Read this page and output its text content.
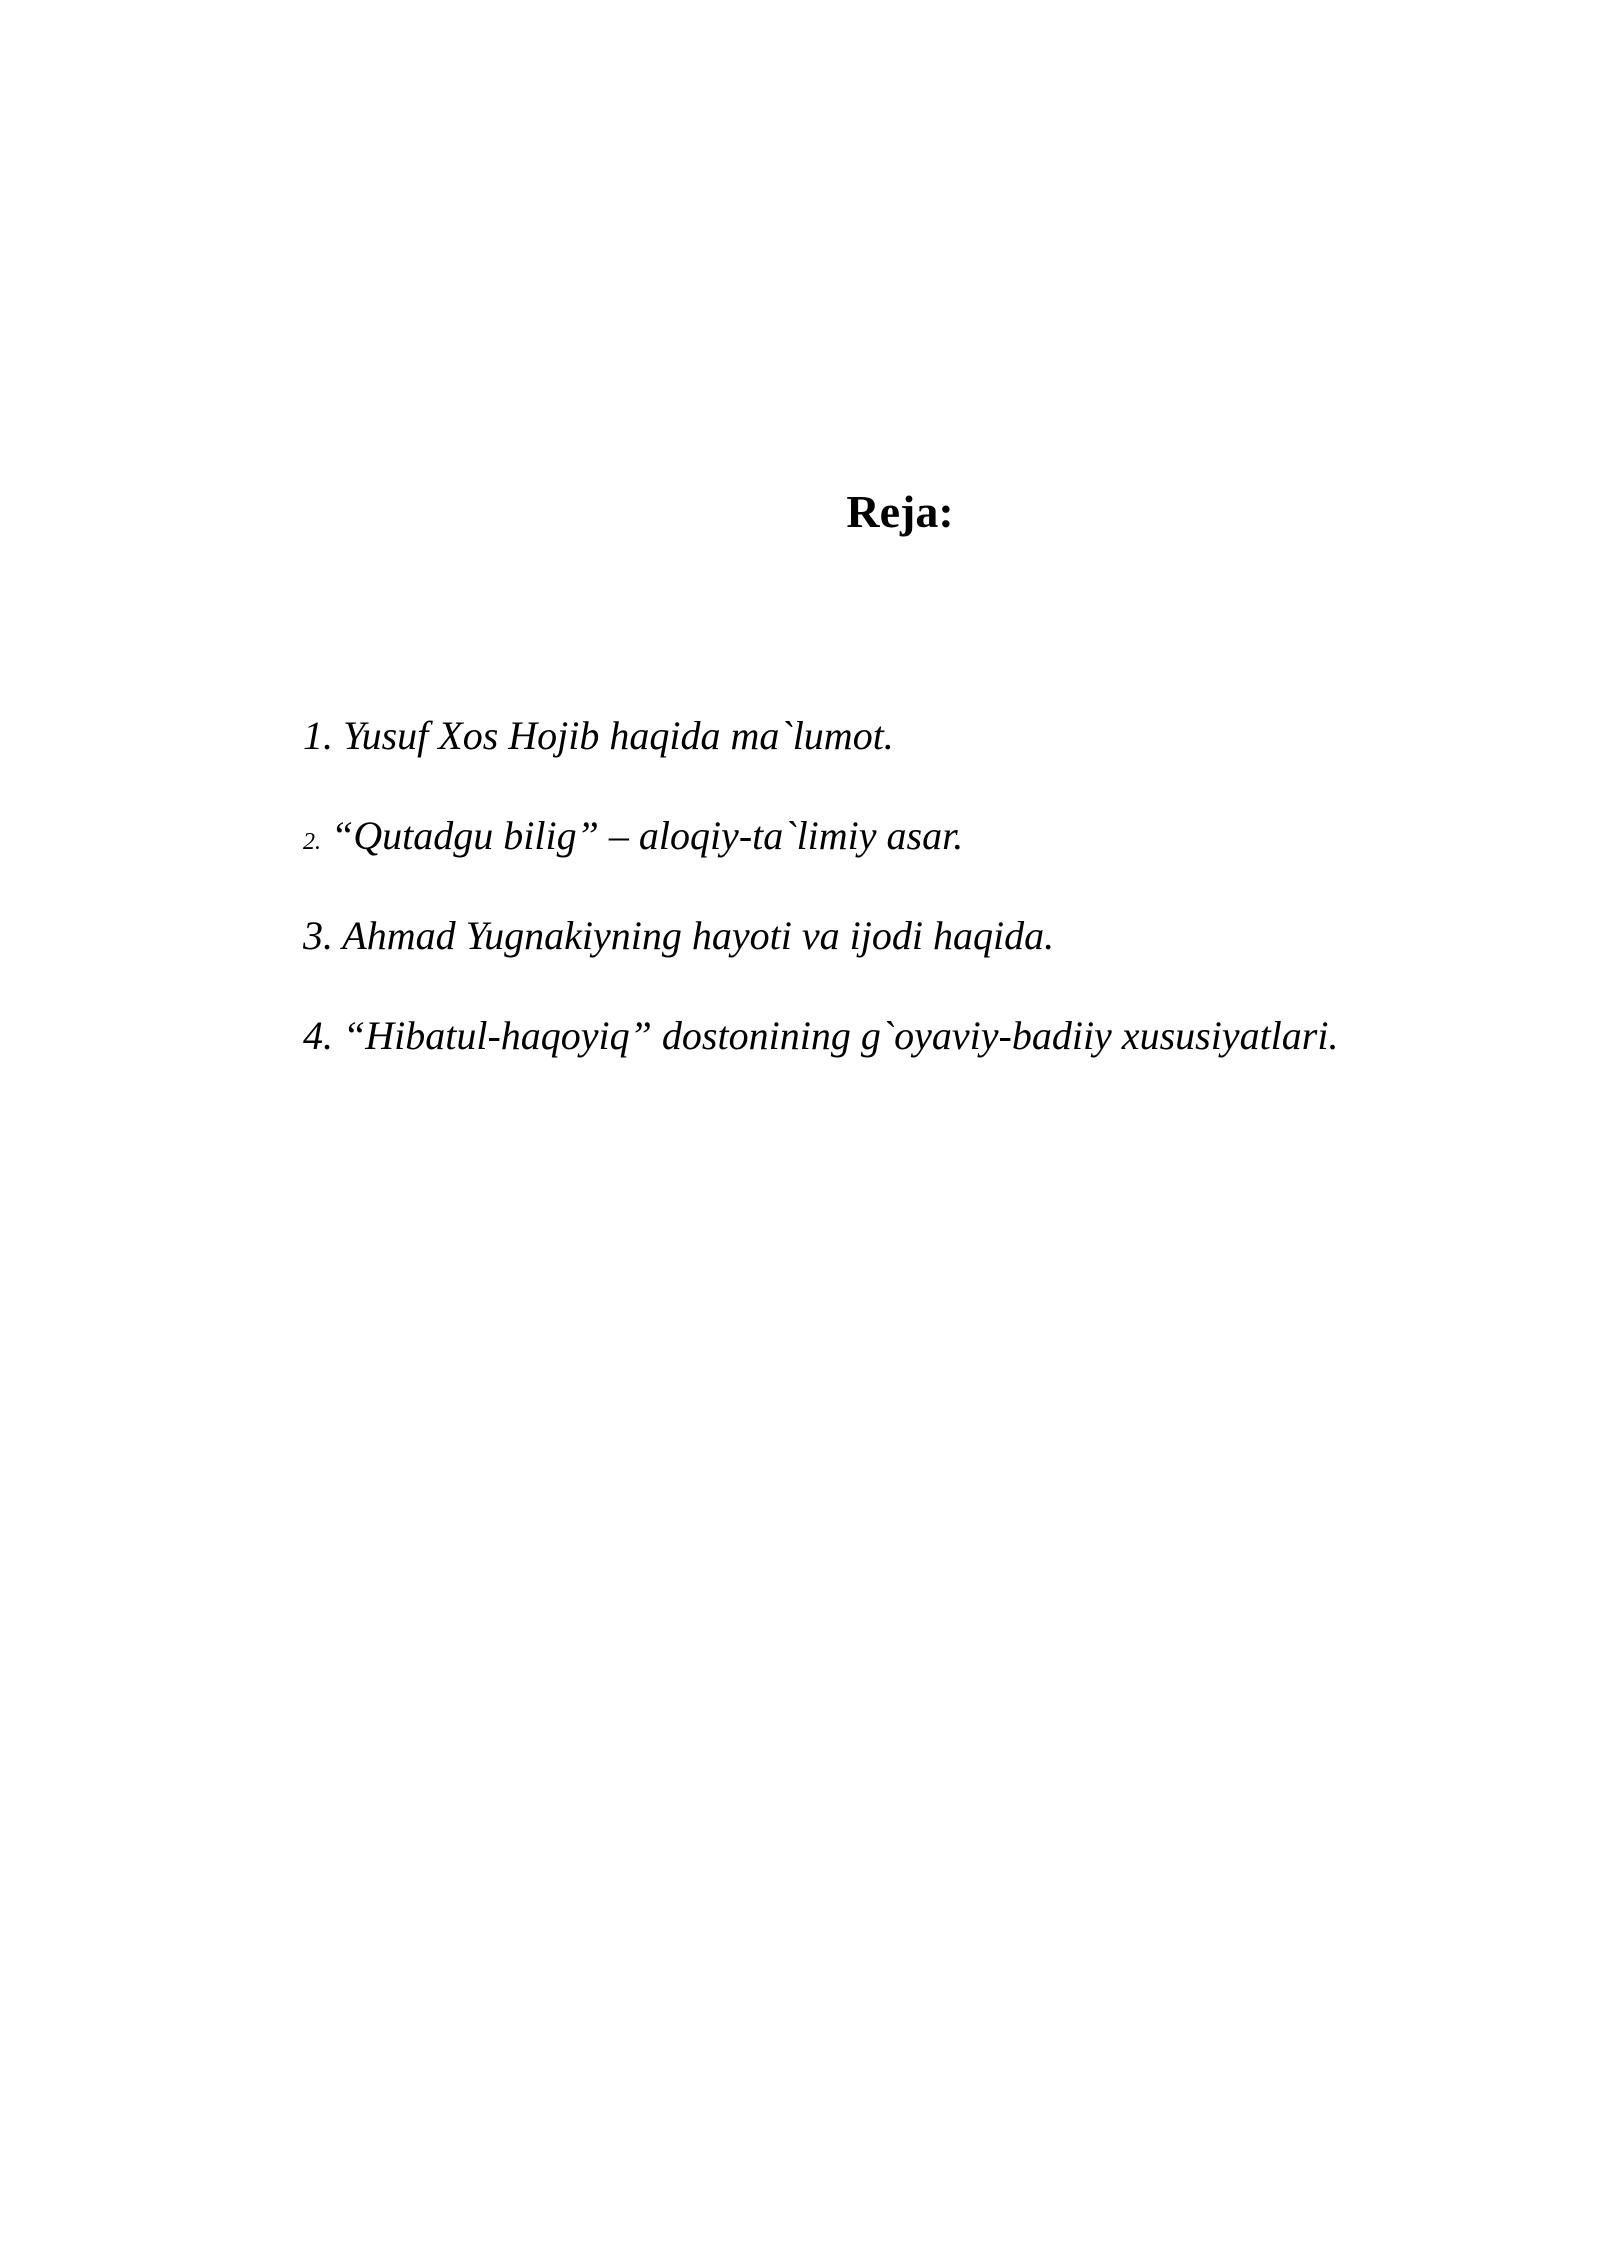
Reja:
1. Yusuf Xos Hojib haqida ma`lumot.
2. “Qutadgu bilig” – aloqiy-ta`limiy asar.
3. Ahmad Yugnakiyning hayoti va ijodi haqida.
4. “Hibatul-haqoyiq” dostonining g`oyaviy-badiiy xususiyatlari.
